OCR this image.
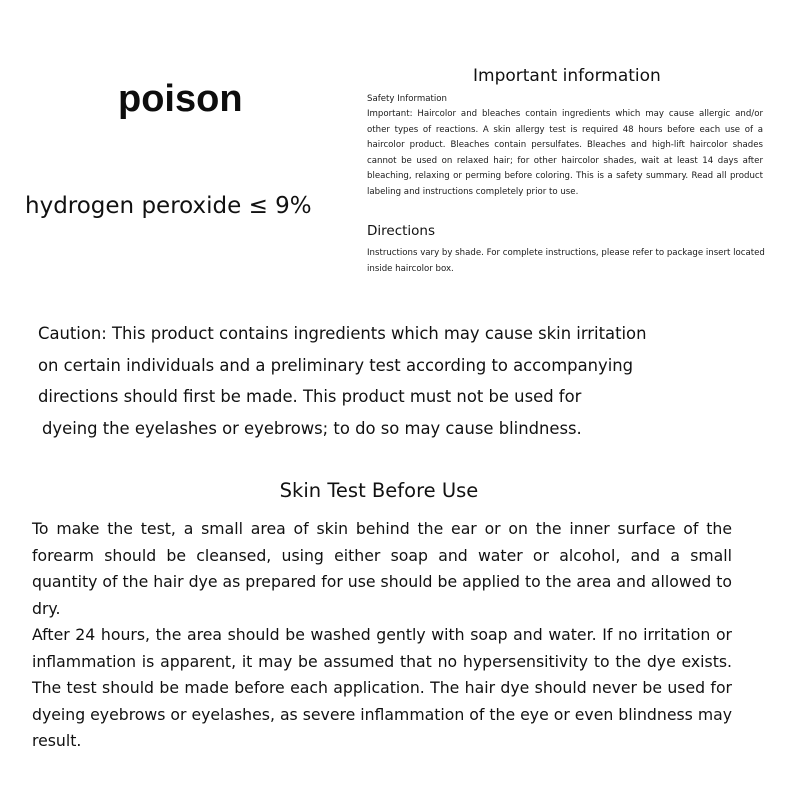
poison
hydrogen peroxide ≤ 9%
Important information
Safety Information
Important: Haircolor and bleaches contain ingredients which may cause allergic and/or other types of reactions. A skin allergy test is required 48 hours before each use of a haircolor product. Bleaches contain persulfates. Bleaches and high-lift haircolor shades cannot be used on relaxed hair; for other haircolor shades, wait at least 14 days after bleaching, relaxing or perming before coloring. This is a safety summary. Read all product labeling and instructions completely prior to use.
Directions
Instructions vary by shade. For complete instructions, please refer to package insert located inside haircolor box.
Caution: This product contains ingredients which may cause skin irritation
on certain individuals and a preliminary test according to accompanying
directions should first be made. This product must not be used for
dyeing the eyelashes or eyebrows; to do so may cause blindness.
Skin Test Before Use
To make the test, a small area of skin behind the ear or on the inner surface of the forearm should be cleansed, using either soap and water or alcohol, and a small quantity of the hair dye as prepared for use should be applied to the area and allowed to dry.
After 24 hours, the area should be washed gently with soap and water. If no irritation or inflammation is apparent, it may be assumed that no hypersensitivity to the dye exists. The test should be made before each application. The hair dye should never be used for dyeing eyebrows or eyelashes, as severe inflammation of the eye or even blindness may result.
